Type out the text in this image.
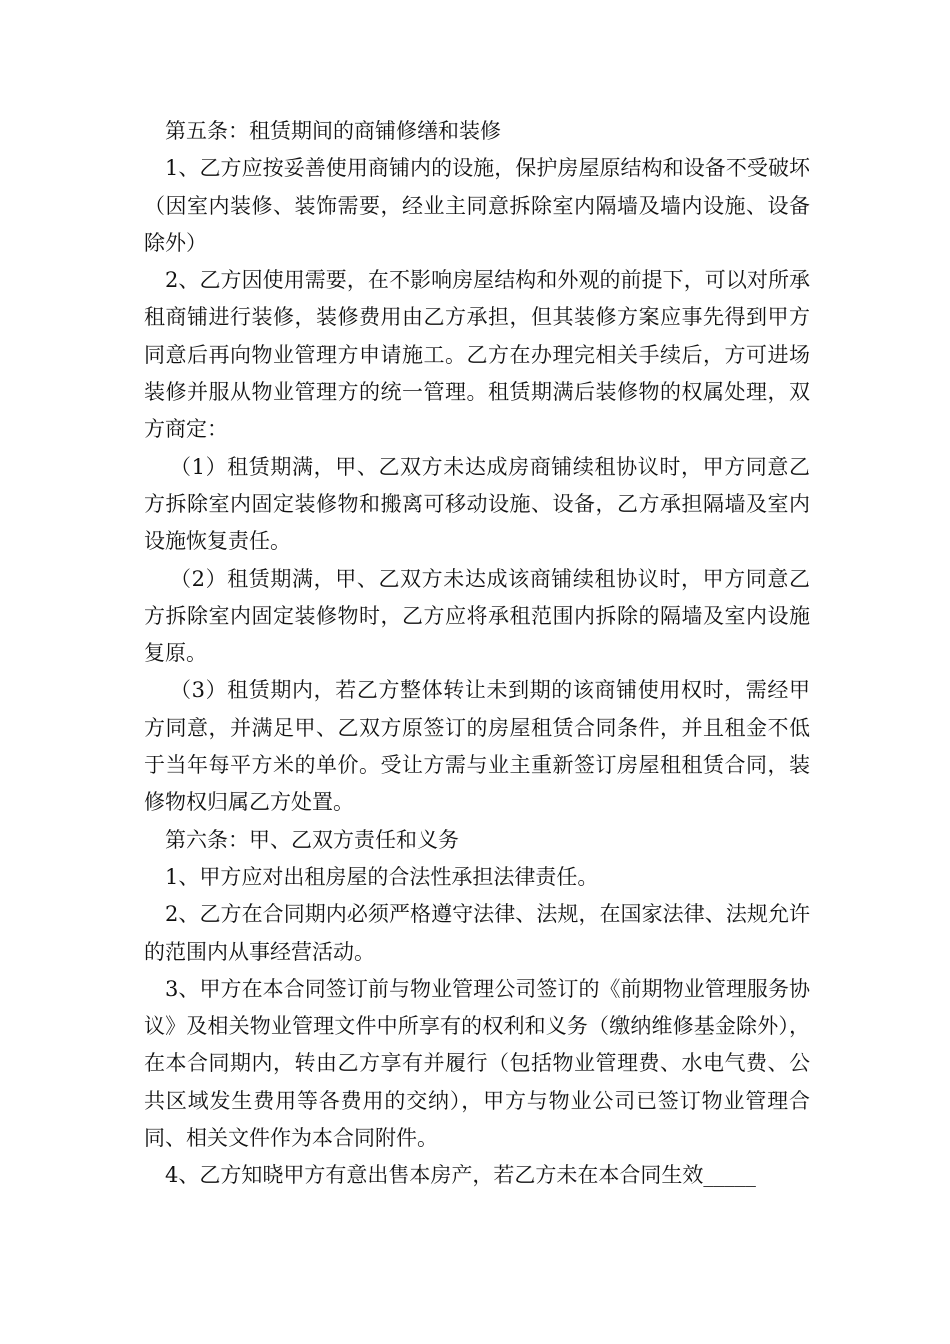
第五条：租赁期间的商铺修缮和装修

1、乙方应按妥善使用商铺内的设施，保护房屋原结构和设备不受破坏（因室内装修、装饰需要，经业主同意拆除室内隔墙及墙内设施、设备除外）

2、乙方因使用需要，在不影响房屋结构和外观的前提下，可以对所承租商铺进行装修，装修费用由乙方承担，但其装修方案应事先得到甲方同意后再向物业管理方申请施工。乙方在办理完相关手续后，方可进场装修并服从物业管理方的统一管理。租赁期满后装修物的权属处理，双方商定：

（1）租赁期满，甲、乙双方未达成房商铺续租协议时，甲方同意乙方拆除室内固定装修物和搬离可移动设施、设备，乙方承担隔墙及室内设施恢复责任。

（2）租赁期满，甲、乙双方未达成该商铺续租协议时，甲方同意乙方拆除室内固定装修物时，乙方应将承租范围内拆除的隔墙及室内设施复原。

（3）租赁期内，若乙方整体转让未到期的该商铺使用权时，需经甲方同意，并满足甲、乙双方原签订的房屋租赁合同条件，并且租金不低于当年每平方米的单价。受让方需与业主重新签订房屋租租赁合同，装修物权归属乙方处置。

第六条：甲、乙双方责任和义务

1、甲方应对出租房屋的合法性承担法律责任。

2、乙方在合同期内必须严格遵守法律、法规，在国家法律、法规允许的范围内从事经营活动。

3、甲方在本合同签订前与物业管理公司签订的《前期物业管理服务协议》及相关物业管理文件中所享有的权利和义务（缴纳维修基金除外），在本合同期内，转由乙方享有并履行（包括物业管理费、水电气费、公共区域发生费用等各费用的交纳），甲方与物业公司已签订物业管理合同、相关文件作为本合同附件。

4、乙方知晓甲方有意出售本房产，若乙方未在本合同生效_____
